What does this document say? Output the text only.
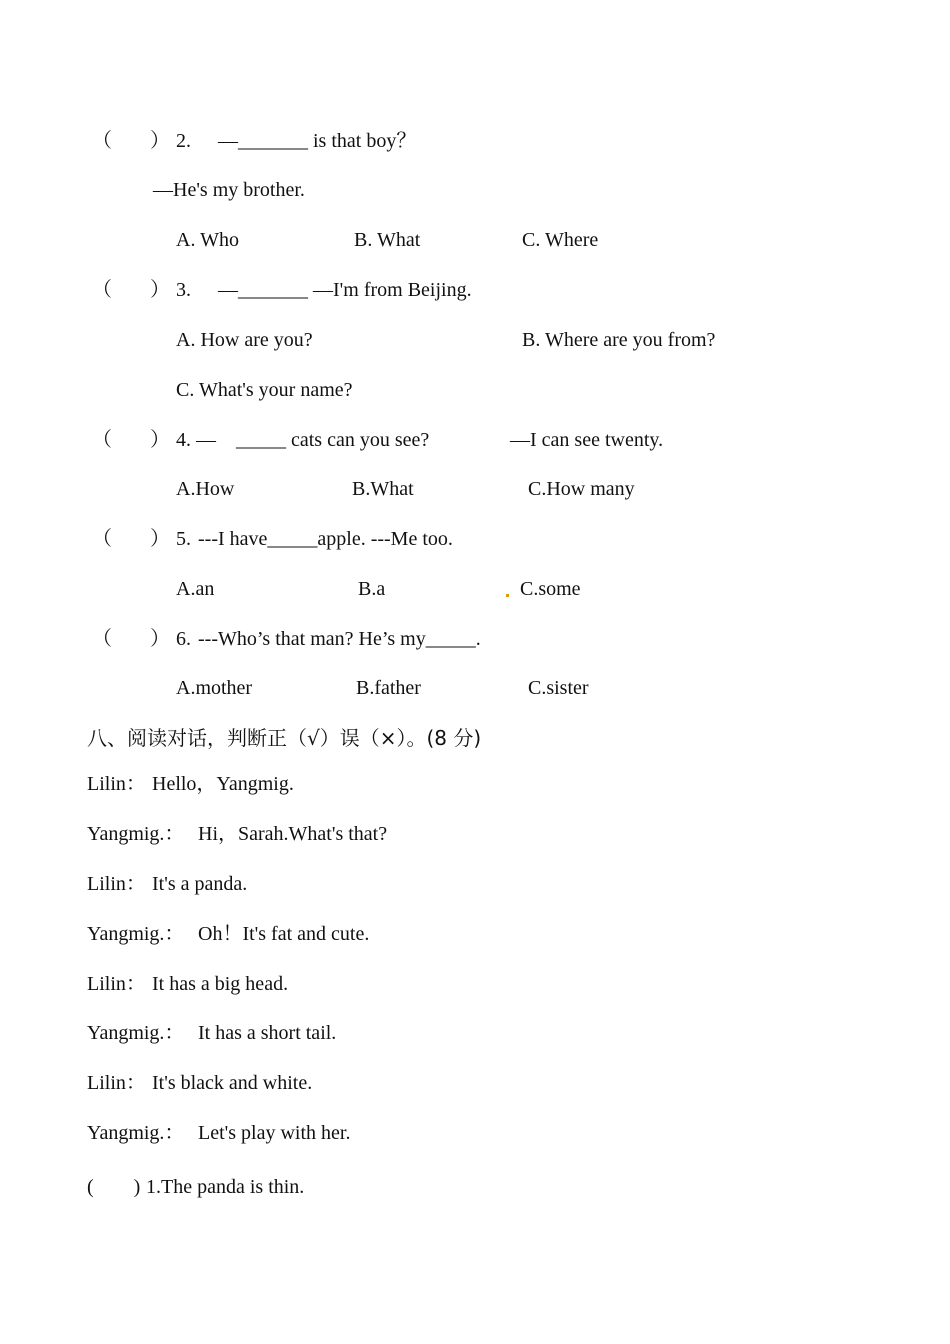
（ ） 2. —_______ is that boy？
—He's my brother.
A. Who	B. What	C. Where
（ ） 3. —_______ —I'm from Beijing.
A. How are you?	B. Where are you from?
C. What's your name?
（ ） 4. — _____ cats can you see?	—I can see twenty.
A.How	B.What	C.How many
（ ） 5. ---I have_____apple. ---Me too.
A.an	B.a	C.some
（ ） 6. ---Who’s that man? He’s my_____.
A.mother	B.father	C.sister
八、阅读对话，判断正（√）误（×）。(8 分)
Lilin： Hello，Yangmig.
Yangmig.： Hi，Sarah.What's that?
Lilin： It's a panda.
Yangmig.： Oh！It's fat and cute.
Lilin： It has a big head.
Yangmig.： It has a short tail.
Lilin： It's black and white.
Yangmig.： Let's play with her.
(        ) 1.The panda is thin.
